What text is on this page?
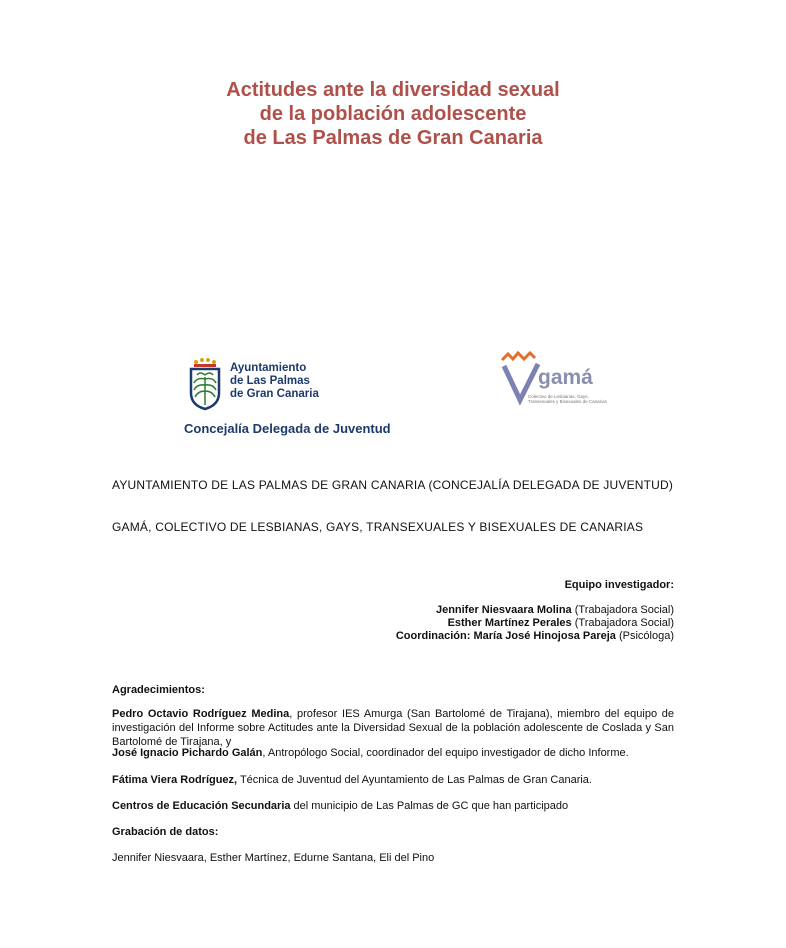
Actitudes ante la diversidad sexual
de la población adolescente
de Las Palmas de Gran Canaria
Ayuntamiento
de Las Palmas
de Gran Canaria
Concejalía Delegada de Juventud
gamá
Colectivo de Lesbianas, Gays, Transexuales y Bisexuales de Canarias
AYUNTAMIENTO DE LAS PALMAS DE GRAN CANARIA (CONCEJALÍA DELEGADA DE JUVENTUD)
GAMÁ, COLECTIVO DE LESBIANAS, GAYS, TRANSEXUALES Y BISEXUALES DE CANARIAS
Equipo investigador:
Jennifer Niesvaara Molina (Trabajadora Social)
Esther Martínez Perales (Trabajadora Social)
Coordinación: María José Hinojosa Pareja (Psicóloga)
Agradecimientos:
Pedro Octavio Rodríguez Medina, profesor IES Amurga (San Bartolomé de Tirajana), miembro del equipo de investigación del Informe sobre Actitudes ante la Diversidad Sexual de la población adolescente de Coslada y San Bartolomé de Tirajana, y
José Ignacio Pichardo Galán, Antropólogo Social, coordinador del equipo investigador de dicho Informe.
Fátima Viera Rodríguez, Técnica de Juventud del Ayuntamiento de Las Palmas de Gran Canaria.
Centros de Educación Secundaria del municipio de Las Palmas de GC que han participado
Grabación de datos:
Jennifer Niesvaara, Esther Martínez, Edurne Santana, Eli del Pino
